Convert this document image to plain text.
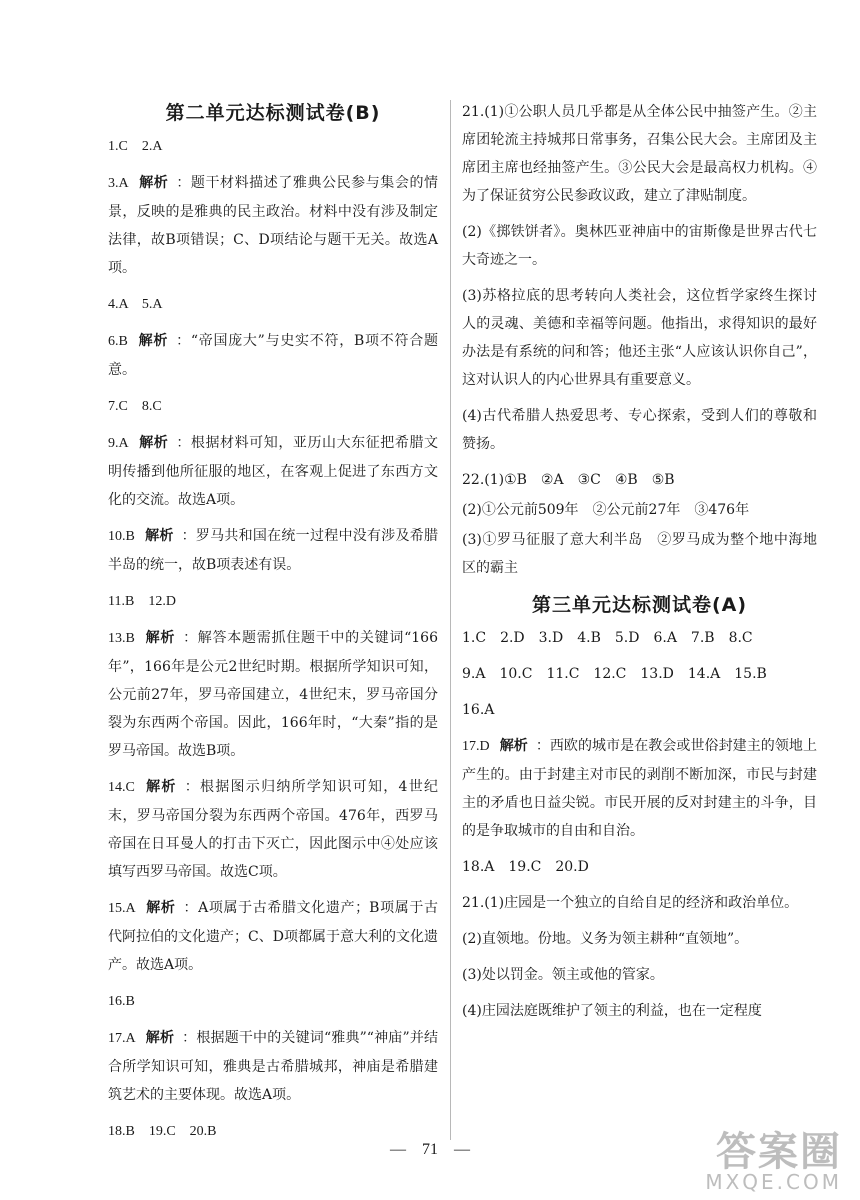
第二单元达标测试卷(B)
1.C　2.A
3.A 解析 ：题干材料描述了雅典公民参与集会的情景，反映的是雅典的民主政治。材料中没有涉及制定法律，故B项错误；C、D项结论与题干无关。故选A项。
4.A　5.A
6.B 解析 ：“帝国庞大”与史实不符，B项不符合题意。
7.C　8.C
9.A 解析 ：根据材料可知，亚历山大东征把希腊文明传播到他所征服的地区，在客观上促进了东西方文化的交流。故选A项。
10.B 解析 ：罗马共和国在统一过程中没有涉及希腊半岛的统一，故B项表述有误。
11.B　12.D
13.B 解析 ：解答本题需抓住题干中的关键词“166年”，166年是公元2世纪时期。根据所学知识可知，公元前27年，罗马帝国建立，4世纪末，罗马帝国分裂为东西两个帝国。因此，166年时，“大秦”指的是罗马帝国。故选B项。
14.C 解析 ：根据图示归纳所学知识可知，4世纪末，罗马帝国分裂为东西两个帝国。476年，西罗马帝国在日耳曼人的打击下灭亡，因此图示中④处应该填写西罗马帝国。故选C项。
15.A 解析 ：A项属于古希腊文化遗产；B项属于古代阿拉伯的文化遗产；C、D项都属于意大利的文化遗产。故选A项。
16.B
17.A 解析 ：根据题干中的关键词“雅典”“神庙”并结合所学知识可知，雅典是古希腊城邦，神庙是希腊建筑艺术的主要体现。故选A项。
18.B　19.C　20.B
21.(1)①公职人员几乎都是从全体公民中抽签产生。②主席团轮流主持城邦日常事务，召集公民大会。主席团及主席团主席也经抽签产生。③公民大会是最高权力机构。④为了保证贫穷公民参政议政，建立了津贴制度。
(2)《掷铁饼者》。奥林匹亚神庙中的宙斯像是世界古代七大奇迹之一。
(3)苏格拉底的思考转向人类社会，这位哲学家终生探讨人的灵魂、美德和幸福等问题。他指出，求得知识的最好办法是有系统的问和答；他还主张“人应该认识你自己”，这对认识人的内心世界具有重要意义。
(4)古代希腊人热爱思考、专心探索，受到人们的尊敬和赞扬。
22.(1)①B　②A　③C　④B　⑤B
(2)①公元前509年　②公元前27年　③476年
(3)①罗马征服了意大利半岛　②罗马成为整个地中海地区的霸主
第三单元达标测试卷(A)
1.C　2.D　3.D　4.B　5.D　6.A　7.B　8.C
9.A　10.C　11.C　12.C　13.D　14.A　15.B
16.A
17.D 解析 ：西欧的城市是在教会或世俗封建主的领地上产生的。由于封建主对市民的剥削不断加深，市民与封建主的矛盾也日益尖锐。市民开展的反对封建主的斗争，目的是争取城市的自由和自治。
18.A　19.C　20.D
21.(1)庄园是一个独立的自给自足的经济和政治单位。
(2)直领地。份地。义务为领主耕种“直领地”。
(3)处以罚金。领主或他的管家。
(4)庄园法庭既维护了领主的利益，也在一定程度
—　71　—	答案圈
MXQE.COM
